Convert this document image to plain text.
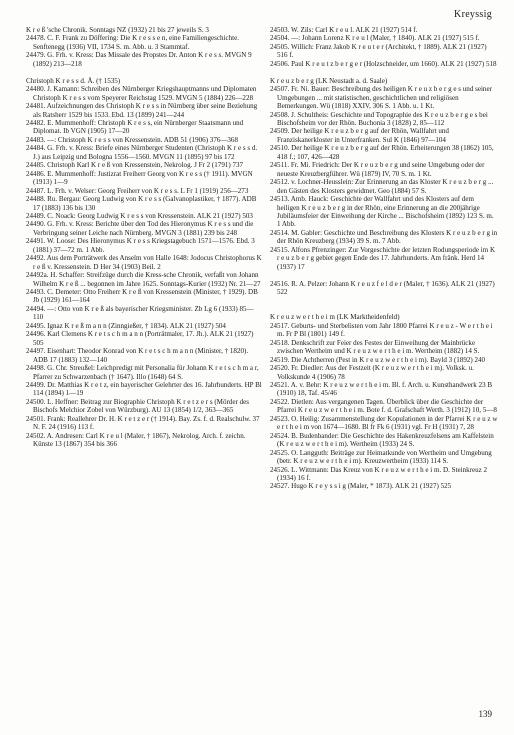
Kreyssig

K r e ß 'sche Chronik. Sonntags NZ (1932) 21 bis 27 jeweils S. 3

24478. C. F. Frank zu Döffering: Die K r e s s e n, eine Familiengeschichte. Senftenegg (1936) VII, 1734 S. m. Abb. u. 3 Stammtaf.

24479. G. Frh. v. Kress: Das Missale des Propstes Dr. Anton K r e s s. MVGN 9 (1892) 213—218

Christoph K r e s s d. Ä. († 1535)

24480. J. Kamann: Schreiben des Nürnberger Kriegshauptmanns und Diplomaten Christoph K r e s s vom Speyerer Reichstag 1529. MVGN 5 (1884) 226—228

24481. Aufzeichnungen des Christoph K r e s s in Nürnberg über seine Beziehung als Ratsherr 1529 bis 1533. Ebd. 13 (1899) 241—244

24482. E. Mummenhoff: Christoph K r e s s, ein Nürnberger Staatsmann und Diplomat. Ib VGN (1905) 17—20

24483. —: Christoph K r e s s von Kressenstein. ADB 51 (1906) 376—368

24484. G. Frh. v. Kress: Briefe eines Nürnberger Studenten (Christoph K r e s s d. J.) aus Leipzig und Bologna 1556—1560. MVGN 11 (1895) 97 bis 172

24485. Christoph Karl K r e ß von Kressenstein, Nekrolog. J Fr 2 (1791) 737

24486. E. Mummenhoff: Justizrat Freiherr Georg von K r e s s († 1911). MVGN (1913) 1—9

24487. L. Frh. v. Welser: Georg Freiherr von K r e s s. L Fr 1 (1919) 256—273

24488. Ru. Bergau: Georg Ludwig von K r e s s (Galvanoplastiker, † 1877). ADB 17 (1883) 136 bis 130

24489. C. Noack: Georg Ludwig K r e s s von Kressenstein. ALK 21 (1927) 503

24490. G. Frh. v. Kress: Berichte über den Tod des Hieronymus K r e s s und die Verbringung seiner Leiche nach Nürnberg. MVGN 3 (1881) 239 bis 248

24491. W. Loose: Des Hieronymus K r e s s Kriegstagebuch 1571—1576. Ebd. 3 (1881) 37—72 m. 1 Abb.

24492. Aus dem Porträtwerk des Anselm von Halle 1648: Jodocus Christophorus K r e ß v. Kressenstein. D Her 34 (1903) Beil. 2

24492a. H. Schaffer: Streifzüge durch die Kress-sche Chronik, verfaßt von Johann Wilhelm K r e ß ... begonnen im Jahre 1625. Sonntags-Kurier (1932) Nr. 21—27

24493. C. Demeter: Otto Freiherr K r e ß von Kressenstein (Minister, † 1929). DB Jb (1929) 161—164

24494. —: Otto von K r e ß als bayerischer Kriegsminister. Zb Lg 6 (1933) 85—110

24495. Ignaz K r e ß m a n n (Zinngießer, † 1834). ALK 21 (1927) 504

24496. Karl Clemens K r e t s c h m a n n (Porträtmaler, 17. Jh.). ALK 21 (1927) 505

24497. Eisenhart: Theodor Konrad von K r e t s c h m a n n (Minister, † 1820). ADB 17 (1883) 132—140

24498. G. Chr. Streußel: Leichpredigt mit Personalia für Johann K r e t s c h m a r, Pfarrer zu Schwarzenbach († 1647). Illo (1648) 64 S.

24499. Dr. Matthias K r e t z, ein bayerischer Gelehrter des 16. Jahrhunderts. HP Bl 114 (1894) 1—19

24500. L. Heffner: Beitrag zur Biographie Christoph K r e t z e r s (Mörder des Bischofs Melchior Zobel von Würzburg). AU 13 (1854) 1/2, 363—365

24501. Frank: Reallehrer Dr. H. K r e t z e r († 1914). Bay. Zs. f. d. Realschulw. 37 N. F. 24 (1916) 113 f.

24502. A. Andresen: Carl K r e u l (Maler, † 1867), Nekrolog. Arch. f. zeichn. Künste 13 (1867) 354 bis 366

24503. W. Zils: Carl K r e u l. ALK 21 (1927) 514 f.

24504. —: Johann Lorenz K r e u l (Maler, † 1840). ALK 21 (1927) 515 f.

24505. Willich: Franz Jakob K r e u t e r (Architekt, † 1889). ALK 21 (1927) 516 f.

24506. Paul K r e u t z b e r g e r (Holzschneider, um 1660). ALK 21 (1927) 518

K r e u z b e r g (LK Neustadt a. d. Saale)

24507. Fr. Ni. Bauer: Beschreibung des heiligen K r e u z b e r g e s und seiner Umgebungen ... mit statistischen, geschichtlichen und religiösen Bemerkungen. Wü (1818) XXIV, 306 S. 1 Abb. u. 1 Kt.

24508. J. Schultheis: Geschichte und Topographie des K r e u z b e r g e s bei Bischofsheim vor der Rhön. Buchonia 3 (1828) 2, 85—112

24509. Der heilige K r e u z b e r g auf der Rhön, Wallfahrt und Franziskanerkloster in Unterfranken. Sul K (1846) 97—104

24510. Der heilige K r e u z b e r g auf der Rhön. Erheiterungen 38 (1862) 105, 418 f.; 107, 426—428

24511. Fr. Mi. Friedrich: Der K r e u z b e r g und seine Umgebung oder der neueste Kreuzbergführer. Wü (1879) IV, 70 S. m. 1 Kt.

24512. v. Lochner-Heusslein: Zur Erinnerung an das Kloster K r e u z b e r g ... den Gästen des Klosters gewidmet. Geo (1884) 57 S.

24513. Amb. Hauck: Geschichte der Wallfahrt und des Klosters auf dem heiligen K r e u z b e r g in der Rhön, eine Erinnerung an die 200jährige Jubiläumsfeier der Einweihung der Kirche ... Bischofsheim (1892) 123 S. m. 1 Abb.

24514. M. Gabler: Geschichte und Beschreibung des Klosters K r e u z b e r g in der Rhön Kreuzberg (1934) 39 S. m. 7 Abb.

24515. Alfons Pfrenzinger: Zur Vorgeschichte der letzten Rodungsperiode im K r e u z b e r g gebiet gegen Ende des 17. Jahrhunderts. Am fränk. Herd 14 (1937) 17

24516. R. A. Pelzer: Johann K r e u z f e l d e r (Maler, † 1636). ALK 21 (1927) 522

K r e u z w e r t h e i m (LK Marktheidenfeld)

24517. Geburts- und Sterbelisten vom Jahr 1800 Pfarrei K r e u z - W e r t h e i m. Fr P Bl (1801) 149 f.

24518. Denkschrift zur Feier des Festes der Einweihung der Mainbrücke zwischen Wertheim und K r e u z w e r t h e i m. Wertheim (1882) 14 S.

24519. Die Achtherren (Pest in K r e u z w e r t h e i m). Bayld 3 (1892) 240

24520. Fr. Diedler: Aus der Festzeit (K r e u z w e r t h e i m). Volksk. u. Volkskunde 4 (1906) 78

24521. A. v. Behr: K r e u z w e r t h e i m. Bl. f. Arch. u. Kunsthandwerk 23 B (1910) 18, Taf. 45/46

24522. Dietlen: Aus vergangenen Tagen. Überblick über die Geschichte der Pfarrei K r e u z w e r t h e i m. Bote f. d. Grafschaft Werth. 3 (1912) 10, 5—8

24523. O. Heilig: Zusammenstellung der Kopulationen in der Pfarrei K r e u z w e r t h e i m von 1674—1680. Bl fr Fk 6 (1931) vgl. Fr H (1931) 7, 28

24524. B. Budenbander: Die Geschichte des Hakenkreuzfelsens am Kaffelstein (K r e u z w e r t h e i m). Wertheim (1933) 24 S.

24525. O. Langguth: Beiträge zur Heimatkunde von Wertheim und Umgebung (betr. K r e u z w e r t h e i m). Kreuzwertheim (1933) 114 S.

24526. L. Wittmann: Das Kreuz von K r e u z w e r t h e i m. D. Steinkreuz 2 (1934) 16 f.

24527. Hugo K r e y s s i g (Maler, * 1873). ALK 21 (1927) 525

139
